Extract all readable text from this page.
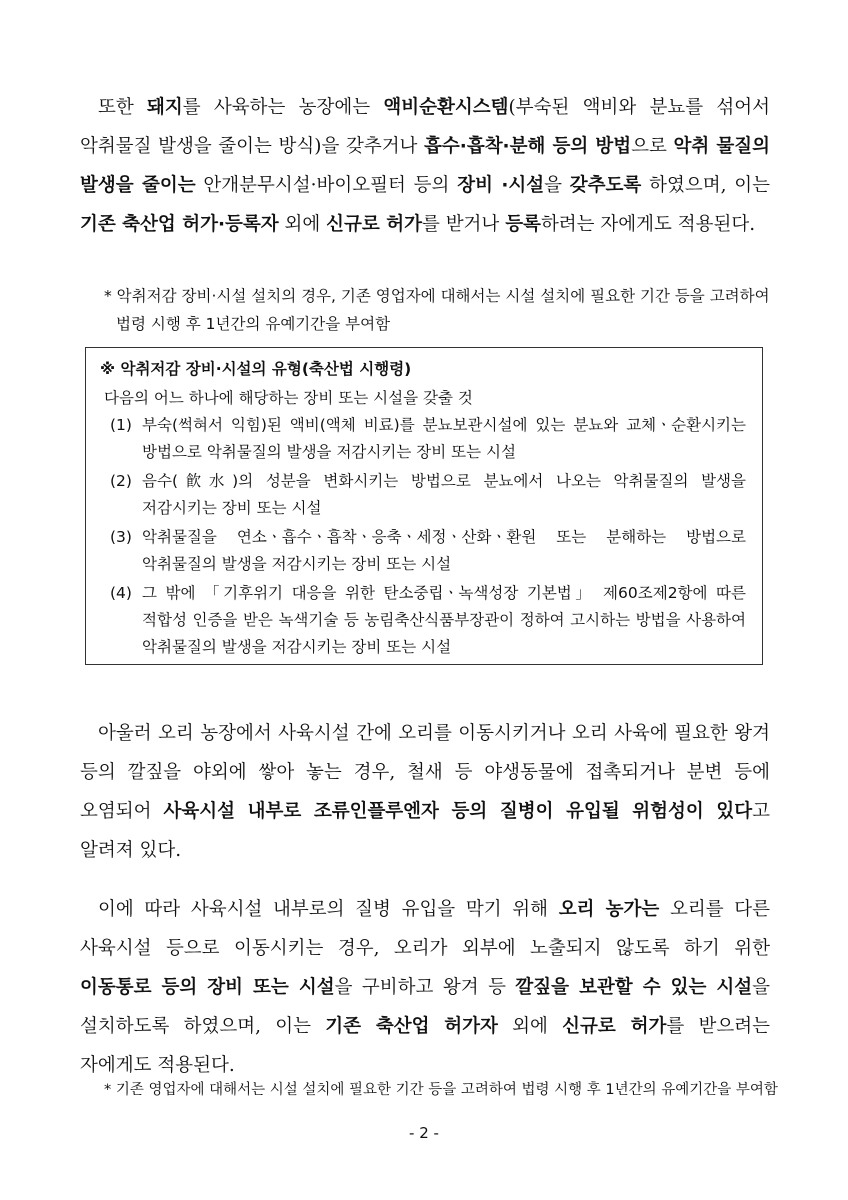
또한 돼지를 사육하는 농장에는 액비순환시스템(부숙된 액비와 분뇨를 섞어서 악취물질 발생을 줄이는 방식)을 갖추거나 흡수·흡착·분해 등의 방법으로 악취 물질의 발생을 줄이는 안개분무시설·바이오필터 등의 장비 ·시설을 갖추도록 하였으며, 이는 기존 축산업 허가·등록자 외에 신규로 허가를 받거나 등록하려는 자에게도 적용된다.

* 악취저감 장비·시설 설치의 경우, 기존 영업자에 대해서는 시설 설치에 필요한 기간 등을 고려하여 법령 시행 후 1년간의 유예기간을 부여함

※ 악취저감 장비·시설의 유형(축산법 시행령)

다음의 어느 하나에 해당하는 장비 또는 시설을 갖출 것

(1) 부숙(썩혀서 익힘)된 액비(액체 비료)를 분뇨보관시설에 있는 분뇨와 교체ㆍ순환시키는 방법으로 악취물질의 발생을 저감시키는 장비 또는 시설
(2) 음수(飮水)의 성분을 변화시키는 방법으로 분뇨에서 나오는 악취물질의 발생을 저감시키는 장비 또는 시설
(3) 악취물질을 연소ㆍ흡수ㆍ흡착ㆍ응축ㆍ세정ㆍ산화ㆍ환원 또는 분해하는 방법으로 악취물질의 발생을 저감시키는 장비 또는 시설
(4) 그 밖에 「기후위기 대응을 위한 탄소중립ㆍ녹색성장 기본법」 제60조제2항에 따른 적합성 인증을 받은 녹색기술 등 농림축산식품부장관이 정하여 고시하는 방법을 사용하여 악취물질의 발생을 저감시키는 장비 또는 시설

아울러 오리 농장에서 사육시설 간에 오리를 이동시키거나 오리 사육에 필요한 왕겨 등의 깔짚을 야외에 쌓아 놓는 경우, 철새 등 야생동물에 접촉되거나 분변 등에 오염되어 사육시설 내부로 조류인플루엔자 등의 질병이 유입될 위험성이 있다고 알려져 있다.

이에 따라 사육시설 내부로의 질병 유입을 막기 위해 오리 농가는 오리를 다른 사육시설 등으로 이동시키는 경우, 오리가 외부에 노출되지 않도록 하기 위한 이동통로 등의 장비 또는 시설을 구비하고 왕겨 등 깔짚을 보관할 수 있는 시설을 설치하도록 하였으며, 이는 기존 축산업 허가자 외에 신규로 허가를 받으려는 자에게도 적용된다.

* 기존 영업자에 대해서는 시설 설치에 필요한 기간 등을 고려하여 법령 시행 후 1년간의 유예기간을 부여함

- 2 -
